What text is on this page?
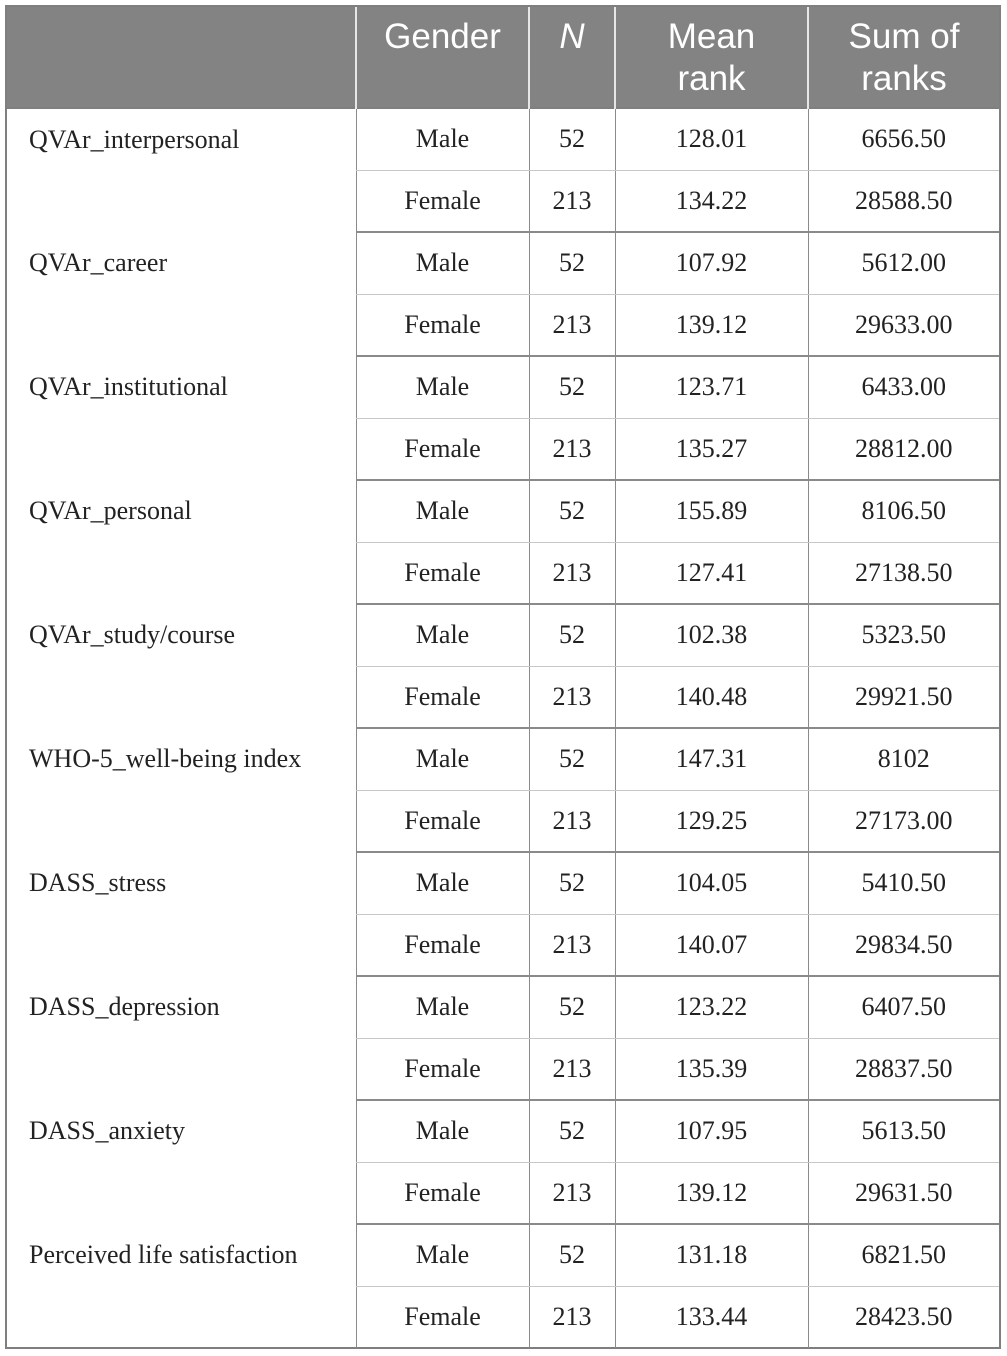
	Gender	N	Mean rank	Sum of ranks

QVAr_interpersonal	Male	52	128.01	6656.50
	Female	213	134.22	28588.50
QVAr_career	Male	52	107.92	5612.00
	Female	213	139.12	29633.00
QVAr_institutional	Male	52	123.71	6433.00
	Female	213	135.27	28812.00
QVAr_personal	Male	52	155.89	8106.50
	Female	213	127.41	27138.50
QVAr_study/course	Male	52	102.38	5323.50
	Female	213	140.48	29921.50
WHO-5_well-being index	Male	52	147.31	8102
	Female	213	129.25	27173.00
DASS_stress	Male	52	104.05	5410.50
	Female	213	140.07	29834.50
DASS_depression	Male	52	123.22	6407.50
	Female	213	135.39	28837.50
DASS_anxiety	Male	52	107.95	5613.50
	Female	213	139.12	29631.50
Perceived life satisfaction	Male	52	131.18	6821.50
	Female	213	133.44	28423.50
